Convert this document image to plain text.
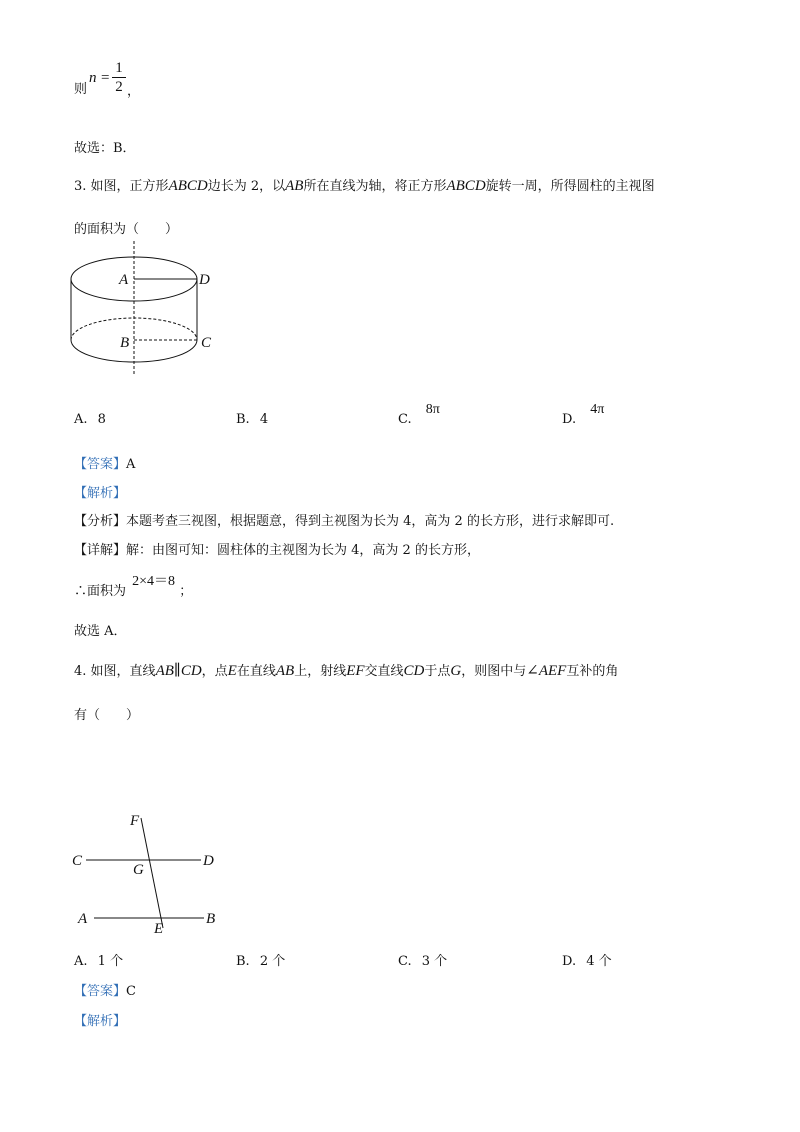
则
$n = \frac{1}{2}$ ，
故选：B．
3. 如图，正方形ABCD边长为 2，以AB所在直线为轴，将正方形ABCD旋转一周，所得圆柱的主视图
的面积为（　　）
A	D
B	C
A. 8	B. 4	C. 8π
D. 4π
【答案】A
【解析】
【分析】本题考查三视图，根据题意，得到主视图为长为 4，高为 2 的长方形，进行求解即可.
【详解】解：由图可知：圆柱体的主视图为长为 4，高为 2 的长方形，
∴面积为 2×4＝8 ；
故选 A．
4. 如图，直线AB∥CD，点E在直线AB上，射线EF交直线CD于点G，则图中与∠AEF互补的角
有（　　）
F
C
G
D
A
E
B
A. 1 个	B. 2 个	C. 3 个	D. 4 个
【答案】C
【解析】
